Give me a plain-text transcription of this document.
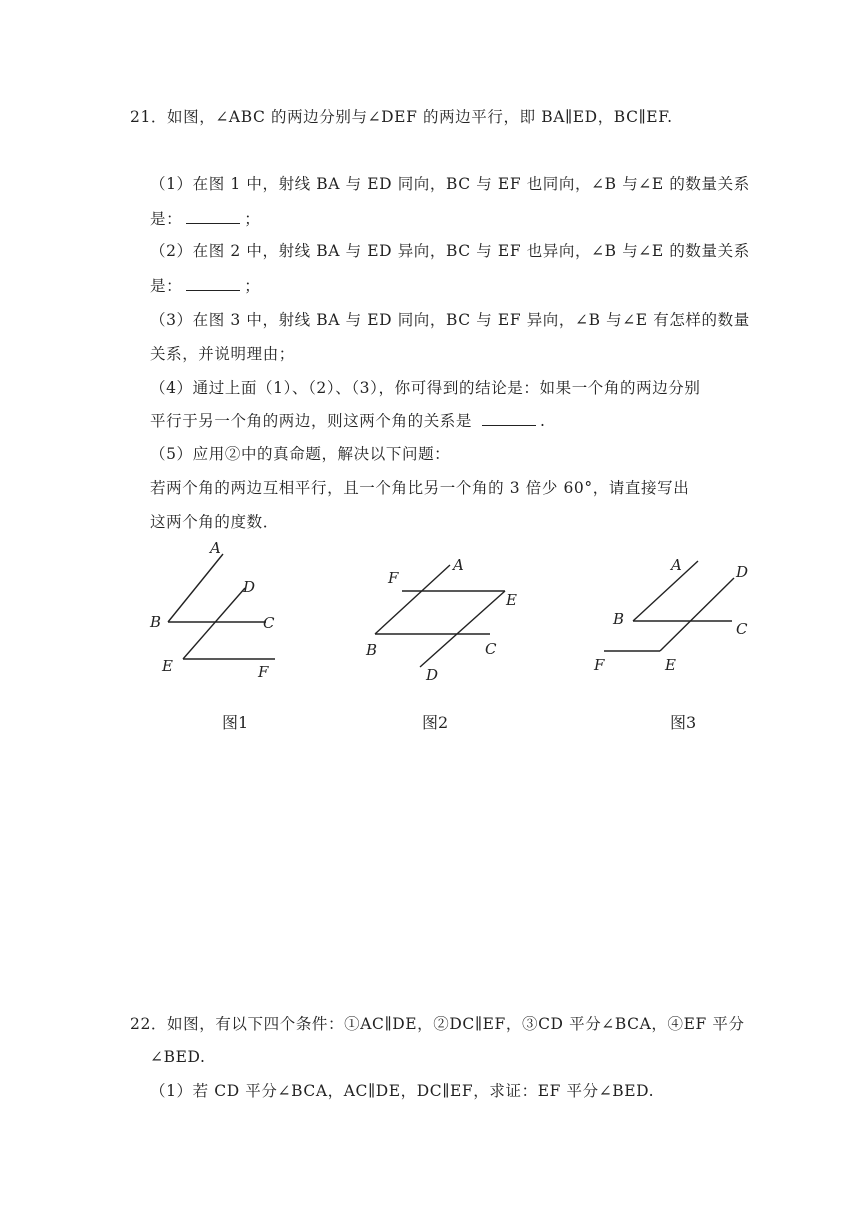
21．如图，∠ABC 的两边分别与∠DEF 的两边平行，即 BA∥ED，BC∥EF.
（1）在图 1 中，射线 BA 与 ED 同向，BC 与 EF 也同向，∠B 与∠E 的数量关系
是：	；
（2）在图 2 中，射线 BA 与 ED 异向，BC 与 EF 也异向，∠B 与∠E 的数量关系
是：	；
（3）在图 3 中，射线 BA 与 ED 同向，BC 与 EF 异向，∠B 与∠E 有怎样的数量
关系，并说明理由；
（4）通过上面（1）、（2）、（3），你可得到的结论是：如果一个角的两边分别
平行于另一个角的两边，则这两个角的关系是	.
（5）应用②中的真命题，解决以下问题：
若两个角的两边互相平行，且一个角比另一个角的 3 倍少 60°，请直接写出
这两个角的度数．
A
D
B	C
E	F
A
F
E
B	C
D
A	D
B
C
F	E
图1	图2	图3
22．如图，有以下四个条件：①AC∥DE，②DC∥EF，③CD 平分∠BCA，④EF 平分
∠BED.
（1）若 CD 平分∠BCA，AC∥DE，DC∥EF，求证：EF 平分∠BED.
